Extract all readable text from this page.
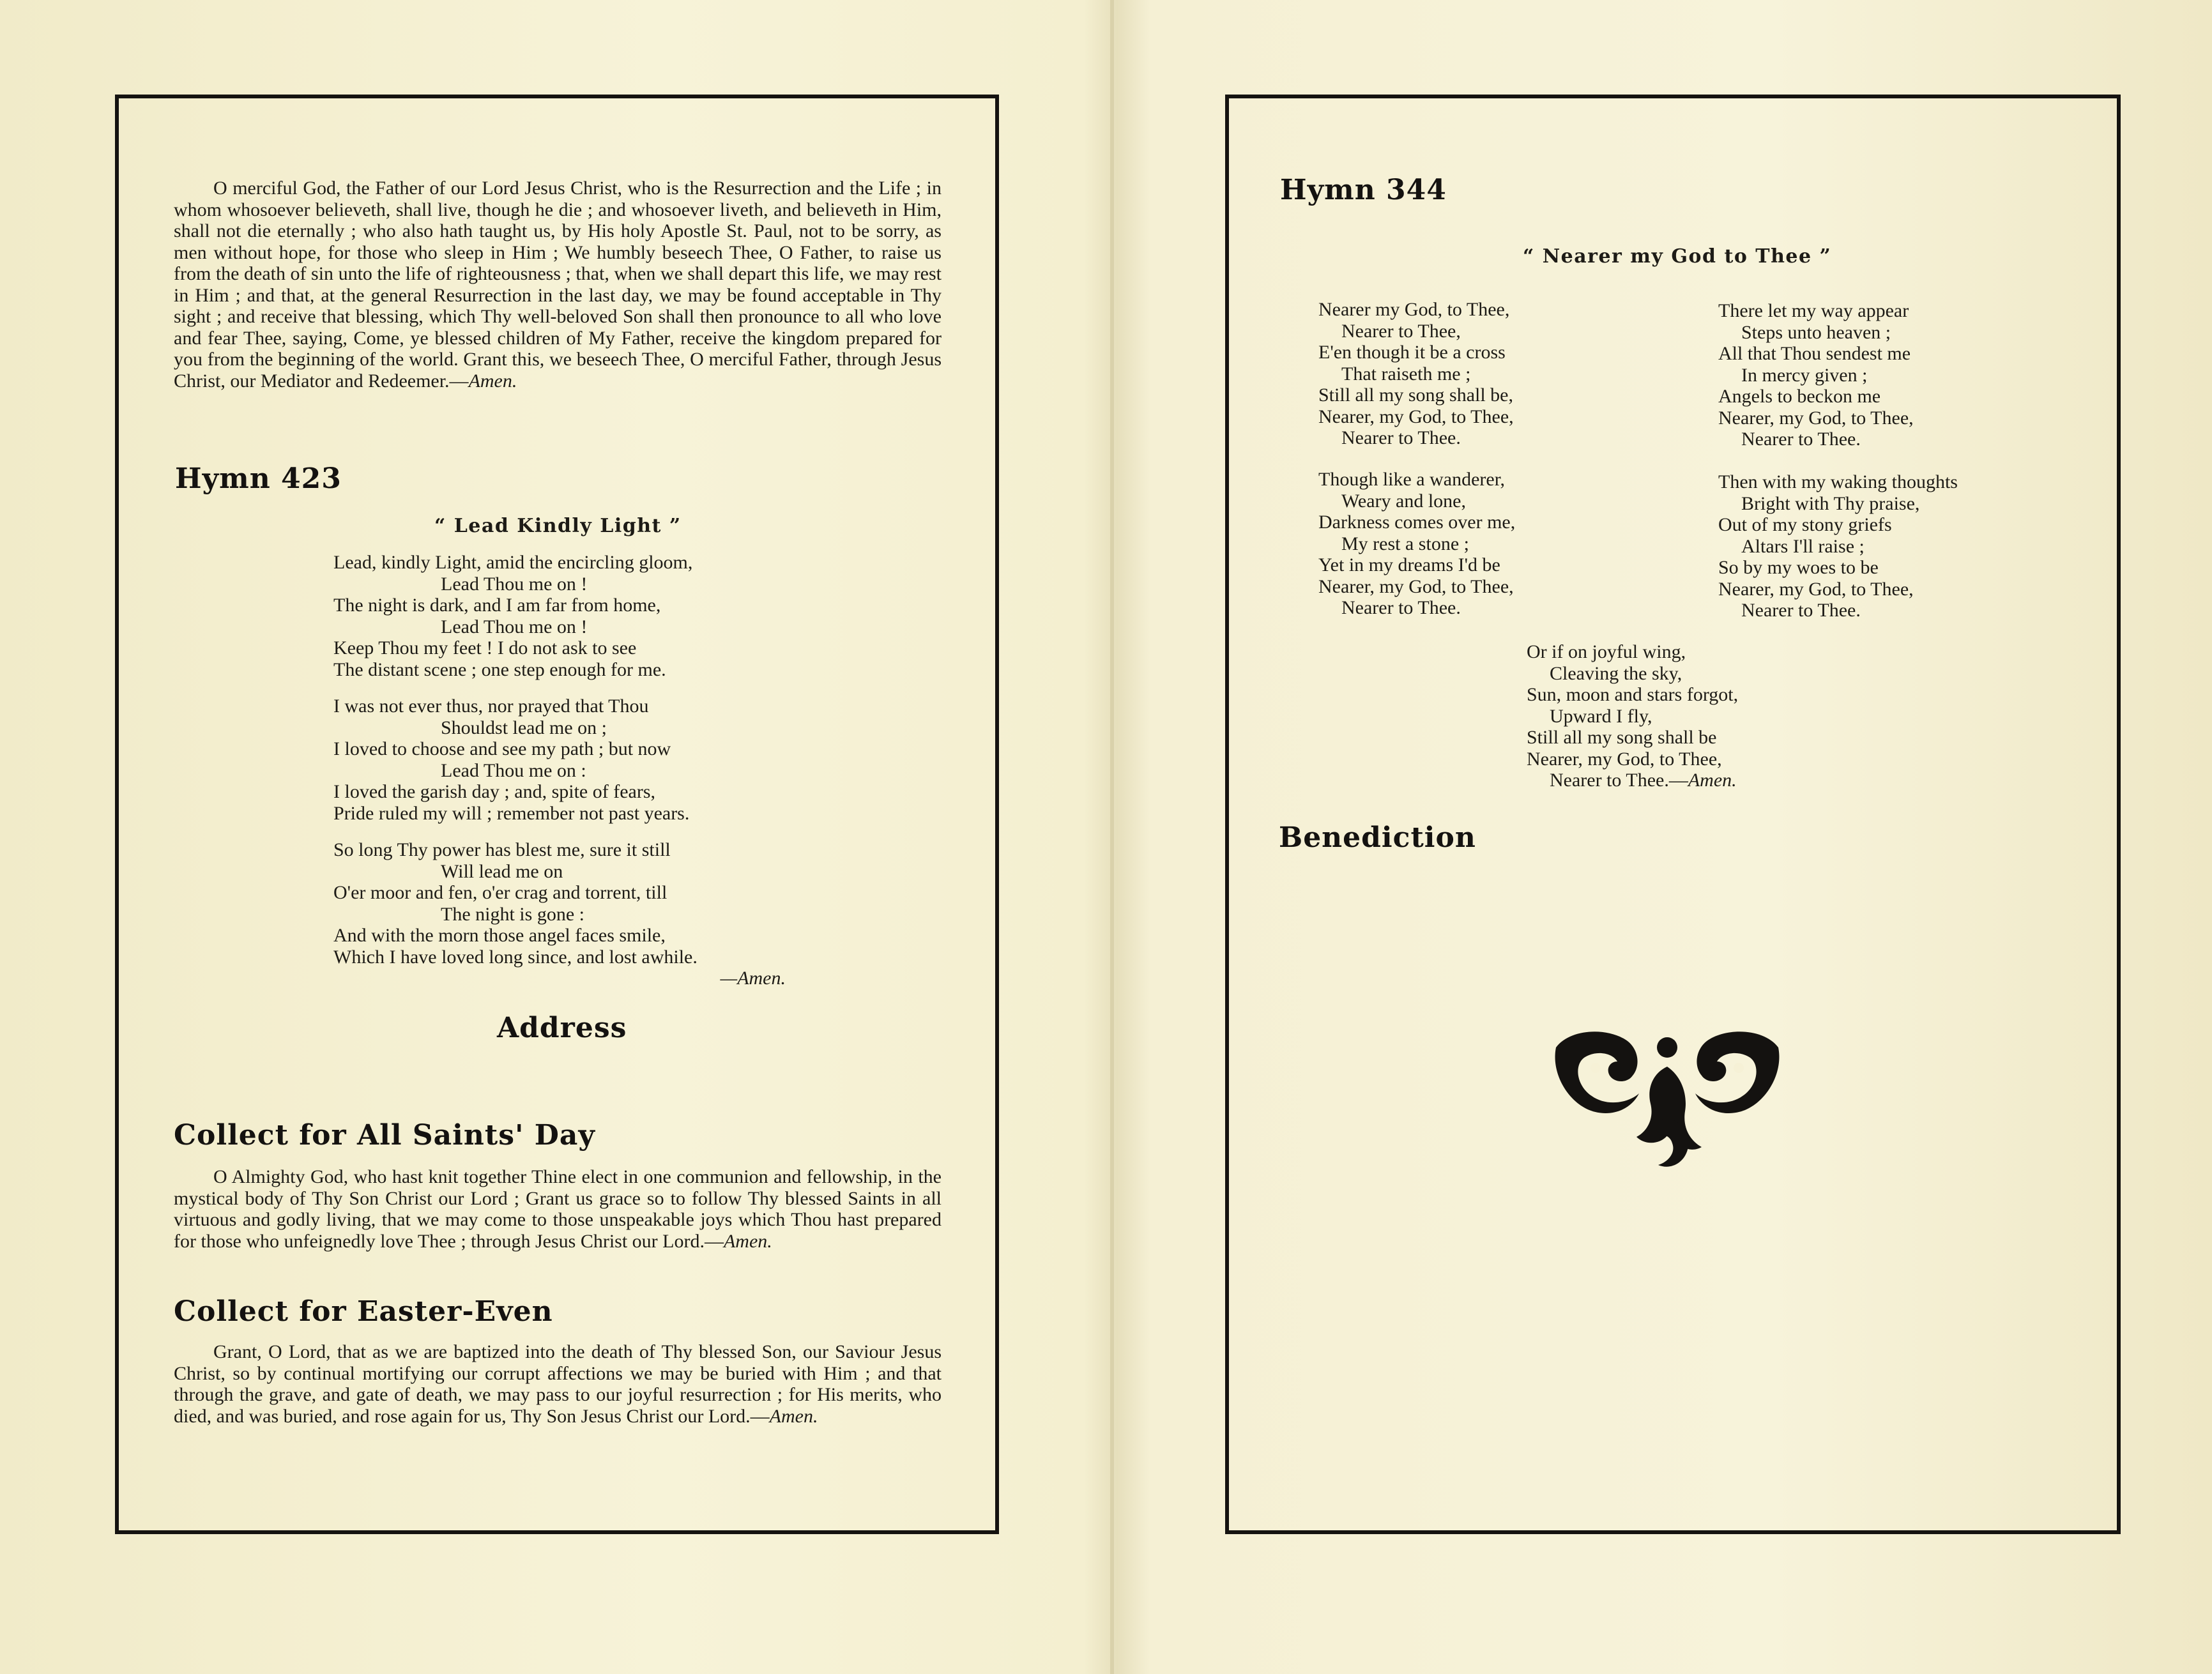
O merciful God, the Father of our Lord Jesus Christ, who is the Resurrection and the Life ; in whom whosoever believeth, shall live, though he die ; and whosoever liveth, and believeth in Him, shall not die eternally ; who also hath taught us, by His holy Apostle St. Paul, not to be sorry, as men without hope, for those who sleep in Him ; We humbly beseech Thee, O Father, to raise us from the death of sin unto the life of righteousness ; that, when we shall depart this life, we may rest in Him ; and that, at the general Resurrection in the last day, we may be found acceptable in Thy sight ; and receive that blessing, which Thy well-beloved Son shall then pronounce to all who love and fear Thee, saying, Come, ye blessed children of My Father, receive the kingdom prepared for you from the beginning of the world. Grant this, we beseech Thee, O merciful Father, through Jesus Christ, our Mediator and Redeemer.—Amen.

Hymn 423
“ Lead Kindly Light ”
Lead, kindly Light, amid the encircling gloom,
Lead Thou me on !
The night is dark, and I am far from home,
Lead Thou me on !
Keep Thou my feet ! I do not ask to see
The distant scene ; one step enough for me.
I was not ever thus, nor prayed that Thou
Shouldst lead me on ;
I loved to choose and see my path ; but now
Lead Thou me on :
I loved the garish day ; and, spite of fears,
Pride ruled my will ; remember not past years.
So long Thy power has blest me, sure it still
Will lead me on
O'er moor and fen, o'er crag and torrent, till
The night is gone :
And with the morn those angel faces smile,
Which I have loved long since, and lost awhile.
—Amen.
Address
Collect for All Saints' Day

O Almighty God, who hast knit together Thine elect in one communion and fellowship, in the mystical body of Thy Son Christ our Lord ; Grant us grace so to follow Thy blessed Saints in all virtuous and godly living, that we may come to those unspeakable joys which Thou hast prepared for those who unfeignedly love Thee ; through Jesus Christ our Lord.—Amen.

Collect for Easter-Even

Grant, O Lord, that as we are baptized into the death of Thy blessed Son, our Saviour Jesus Christ, so by continual mortifying our corrupt affections we may be buried with Him ; and that through the grave, and gate of death, we may pass to our joyful resurrection ; for His merits, who died, and was buried, and rose again for us, Thy Son Jesus Christ our Lord.—Amen.

Hymn 344
“ Nearer my God to Thee ”
Nearer my God, to Thee,
Nearer to Thee,
E'en though it be a cross
That raiseth me ;
Still all my song shall be,
Nearer, my God, to Thee,
Nearer to Thee.
Though like a wanderer,
Weary and lone,
Darkness comes over me,
My rest a stone ;
Yet in my dreams I'd be
Nearer, my God, to Thee,
Nearer to Thee.
There let my way appear
Steps unto heaven ;
All that Thou sendest me
In mercy given ;
Angels to beckon me
Nearer, my God, to Thee,
Nearer to Thee.
Then with my waking thoughts
Bright with Thy praise,
Out of my stony griefs
Altars I'll raise ;
So by my woes to be
Nearer, my God, to Thee,
Nearer to Thee.
Or if on joyful wing,
Cleaving the sky,
Sun, moon and stars forgot,
Upward I fly,
Still all my song shall be
Nearer, my God, to Thee,
Nearer to Thee.—Amen.
Benediction
